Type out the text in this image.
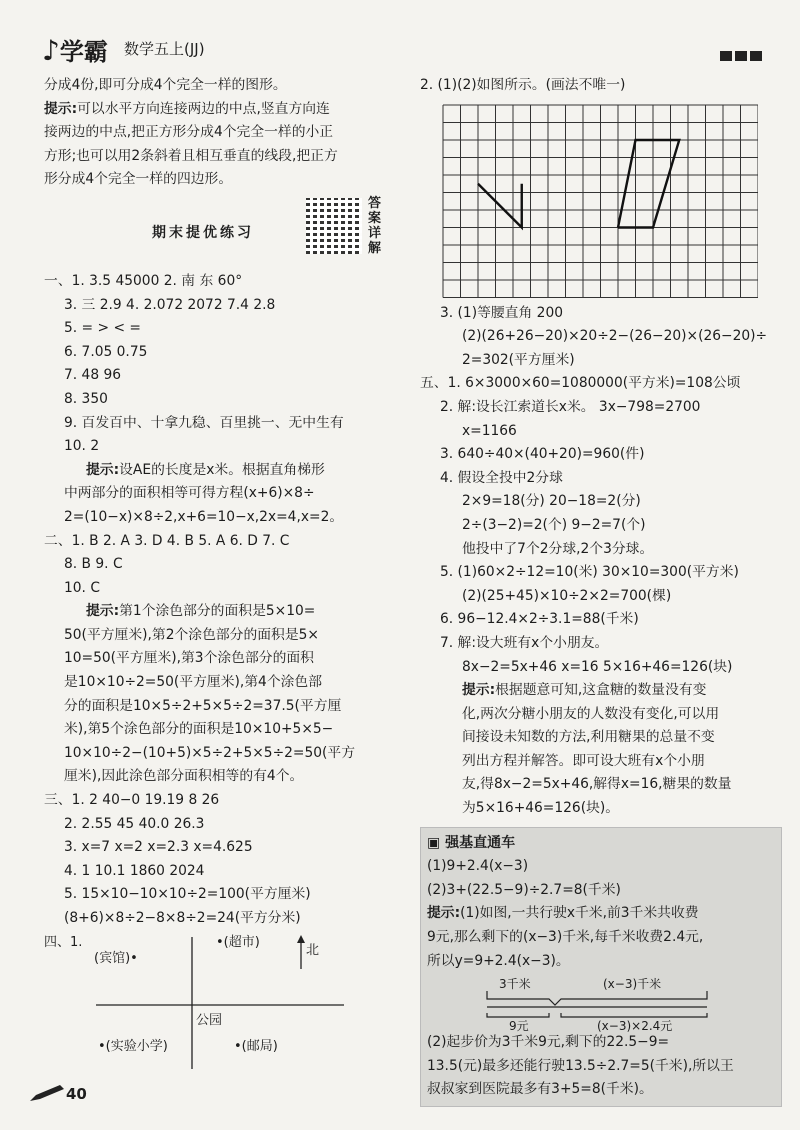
♪学霸 数学五上(JJ)
分成4份,即可分成4个完全一样的图形。
提示:可以水平方向连接两边的中点,竖直方向连
接两边的中点,把正方形分成4个完全一样的小正
方形;也可以用2条斜着且相互垂直的线段,把正方
形分成4个完全一样的四边形。
期末提优练习
答案详解
一、1. 3.5 45000 2. 南 东 60°
3. 三 2.9 4. 2.072 2072 7.4 2.8
5. = > < =
6. 7.05 0.75
7. 48 96
8. 350
9. 百发百中、十拿九稳、百里挑一、无中生有
10. 2
提示:设AE的长度是x米。根据直角梯形
中两部分的面积相等可得方程(x+6)×8÷
2=(10−x)×8÷2,x+6=10−x,2x=4,x=2。
二、1. B 2. A 3. D 4. B 5. A 6. D 7. C
8. B 9. C
10. C
提示:第1个涂色部分的面积是5×10=
50(平方厘米),第2个涂色部分的面积是5×
10=50(平方厘米),第3个涂色部分的面积
是10×10÷2=50(平方厘米),第4个涂色部
分的面积是10×5÷2+5×5÷2=37.5(平方厘
米),第5个涂色部分的面积是10×10+5×5−
10×10÷2−(10+5)×5÷2+5×5÷2=50(平方
厘米),因此涂色部分面积相等的有4个。
三、1. 2 40−0 19.19 8 26
2. 2.55 45 40.0 26.3
3. x=7 x=2 x=2.3 x=4.625
4. 1 10.1 1860 2024
5. 15×10−10×10÷2=100(平方厘米)
(8+6)×8÷2−8×8÷2=24(平方分米)
四、1.
(宾馆)•
•(超市)
北
公园
•(实验小学)	•(邮局)
2. (1)(2)如图所示。(画法不唯一)
3. (1)等腰直角 200
(2)(26+26−20)×20÷2−(26−20)×(26−20)÷
2=302(平方厘米)
五、1. 6×3000×60=1080000(平方米)=108公顷
2. 解:设长江索道长x米。 3x−798=2700
x=1166
3. 640÷40×(40+20)=960(件)
4. 假设全投中2分球
2×9=18(分) 20−18=2(分)
2÷(3−2)=2(个) 9−2=7(个)
他投中了7个2分球,2个3分球。
5. (1)60×2÷12=10(米) 30×10=300(平方米)
(2)(25+45)×10÷2×2=700(棵)
6. 96−12.4×2÷3.1=88(千米)
7. 解:设大班有x个小朋友。
8x−2=5x+46 x=16 5×16+46=126(块)
提示:根据题意可知,这盒糖的数量没有变
化,两次分糖小朋友的人数没有变化,可以用
间接设未知数的方法,利用糖果的总量不变
列出方程并解答。即可设大班有x个小朋
友,得8x−2=5x+46,解得x=16,糖果的数量
为5×16+46=126(块)。
▣ 强基直通车
(1)9+2.4(x−3)
(2)3+(22.5−9)÷2.7=8(千米)
提示:(1)如图,一共行驶x千米,前3千米共收费
9元,那么剩下的(x−3)千米,每千米收费2.4元,
所以y=9+2.4(x−3)。
3千米	(x−3)千米
9元	(x−3)×2.4元
(2)起步价为3千米9元,剩下的22.5−9=
13.5(元)最多还能行驶13.5÷2.7=5(千米),所以王
叔叔家到医院最多有3+5=8(千米)。
40
